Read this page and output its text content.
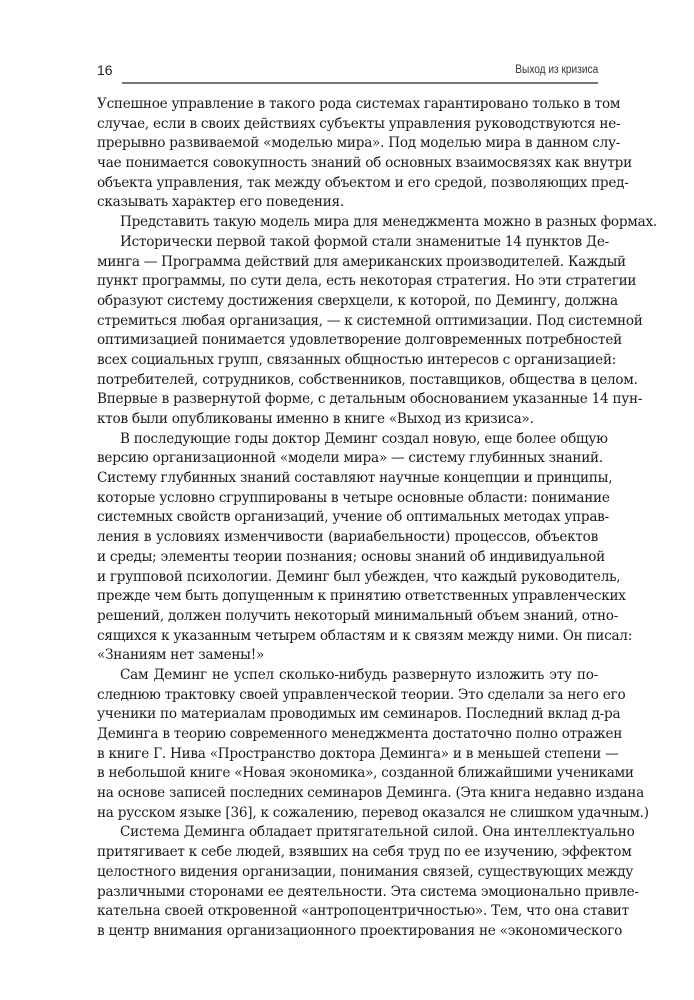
16	Выход из кризиса
Успешное управление в такого рода системах гарантировано только в том
случае, если в своих действиях субъекты управления руководствуются не-
прерывно развиваемой «моделью мира». Под моделью мира в данном слу-
чае понимается совокупность знаний об основных взаимосвязях как внутри
объекта управления, так между объектом и его средой, позволяющих пред-
сказывать характер его поведения.
Представить такую модель мира для менеджмента можно в разных формах.
Исторически первой такой формой стали знаменитые 14 пунктов Де-
минга — Программа действий для американских производителей. Каждый
пункт программы, по сути дела, есть некоторая стратегия. Но эти стратегии
образуют систему достижения сверхцели, к которой, по Демингу, должна
стремиться любая организация, — к системной оптимизации. Под системной
оптимизацией понимается удовлетворение долговременных потребностей
всех социальных групп, связанных общностью интересов с организацией:
потребителей, сотрудников, собственников, поставщиков, общества в целом.
Впервые в развернутой форме, с детальным обоснованием указанные 14 пун-
ктов были опубликованы именно в книге «Выход из кризиса».
В последующие годы доктор Деминг создал новую, еще более общую
версию организационной «модели мира» — систему глубинных знаний.
Систему глубинных знаний составляют научные концепции и принципы,
которые условно сгруппированы в четыре основные области: понимание
системных свойств организаций, учение об оптимальных методах управ-
ления в условиях изменчивости (вариабельности) процессов, объектов
и среды; элементы теории познания; основы знаний об индивидуальной
и групповой психологии. Деминг был убежден, что каждый руководитель,
прежде чем быть допущенным к принятию ответственных управленческих
решений, должен получить некоторый минимальный объем знаний, отно-
сящихся к указанным четырем областям и к связям между ними. Он писал:
«Знаниям нет замены!»
Сам Деминг не успел сколько-нибудь развернуто изложить эту по-
следнюю трактовку своей управленческой теории. Это сделали за него его
ученики по материалам проводимых им семинаров. Последний вклад д-ра
Деминга в теорию современного менеджмента достаточно полно отражен
в книге Г. Нива «Пространство доктора Деминга» и в меньшей степени —
в небольшой книге «Новая экономика», созданной ближайшими учениками
на основе записей последних семинаров Деминга. (Эта книга недавно издана
на русском языке [36], к сожалению, перевод оказался не слишком удачным.)
Система Деминга обладает притягательной силой. Она интеллектуально
притягивает к себе людей, взявших на себя труд по ее изучению, эффектом
целостного видения организации, понимания связей, существующих между
различными сторонами ее деятельности. Эта система эмоционально привле-
кательна своей откровенной «антропоцентричностью». Тем, что она ставит
в центр внимания организационного проектирования не «экономического
